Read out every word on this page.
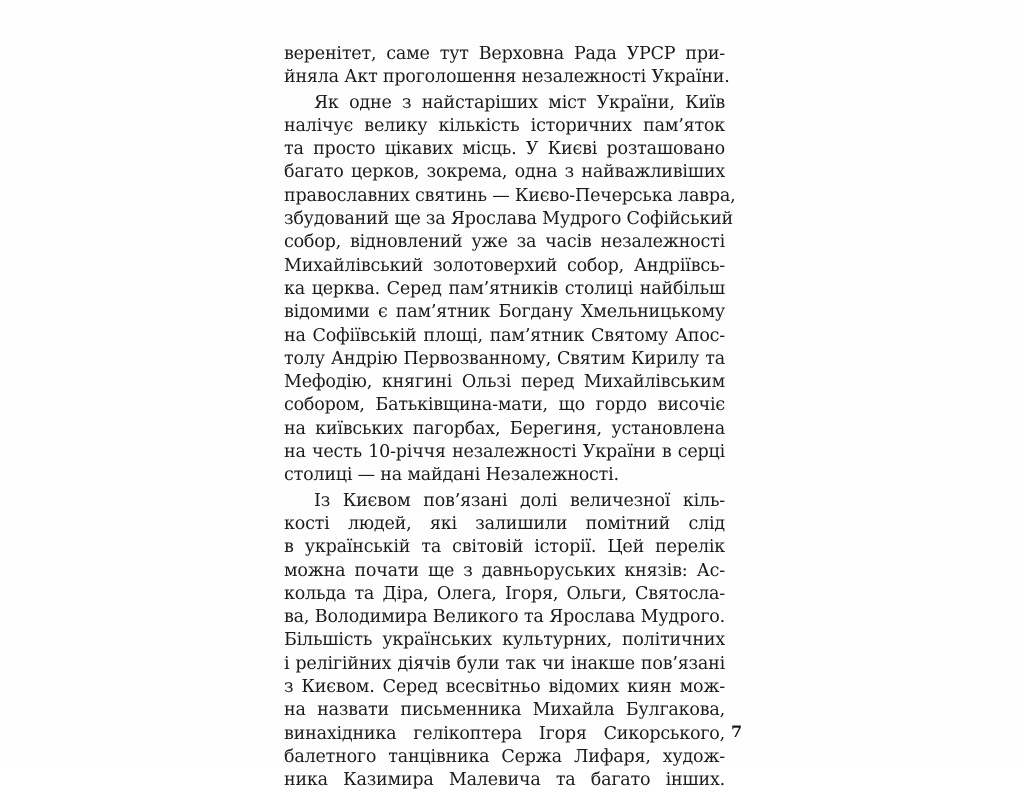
веренітет, саме тут Верховна Рада УРСР при-
йняла Акт проголошення незалежності України.
Як одне з найстаріших міст України, Київ
налічує велику кількість історичних пам’яток
та просто цікавих місць. У Києві розташовано
багато церков, зокрема, одна з найважливіших
православних святинь — Києво-Печерська лавра,
збудований ще за Ярослава Мудрого Софійський
собор, відновлений уже за часів незалежності
Михайлівський золотоверхий собор, Андріївсь-
ка церква. Серед пам’ятників столиці найбільш
відомими є пам’ятник Богдану Хмельницькому
на Софіївській площі, пам’ятник Святому Апос-
толу Андрію Первозванному, Святим Кирилу та
Мефодію, княгині Ользі перед Михайлівським
собором, Батьківщина-мати, що гордо височіє
на київських пагорбах, Берегиня, установлена
на честь 10-річчя незалежності України в серці
столиці — на майдані Незалежності.
Із Києвом пов’язані долі величезної кіль-
кості людей, які залишили помітний слід
в українській та світовій історії. Цей перелік
можна почати ще з давньоруських князів: Ас-
кольда та Діра, Олега, Ігоря, Ольги, Святосла-
ва, Володимира Великого та Ярослава Мудрого.
Більшість українських культурних, політичних
і релігійних діячів були так чи інакше пов’язані
з Києвом. Серед всесвітньо відомих киян мож-
на назвати письменника Михайла Булгакова,
винахідника гелікоптера Ігоря Сикорського,
балетного танцівника Сержа Лифаря, худож-
ника Казимира Малевича та багато інших.
7
